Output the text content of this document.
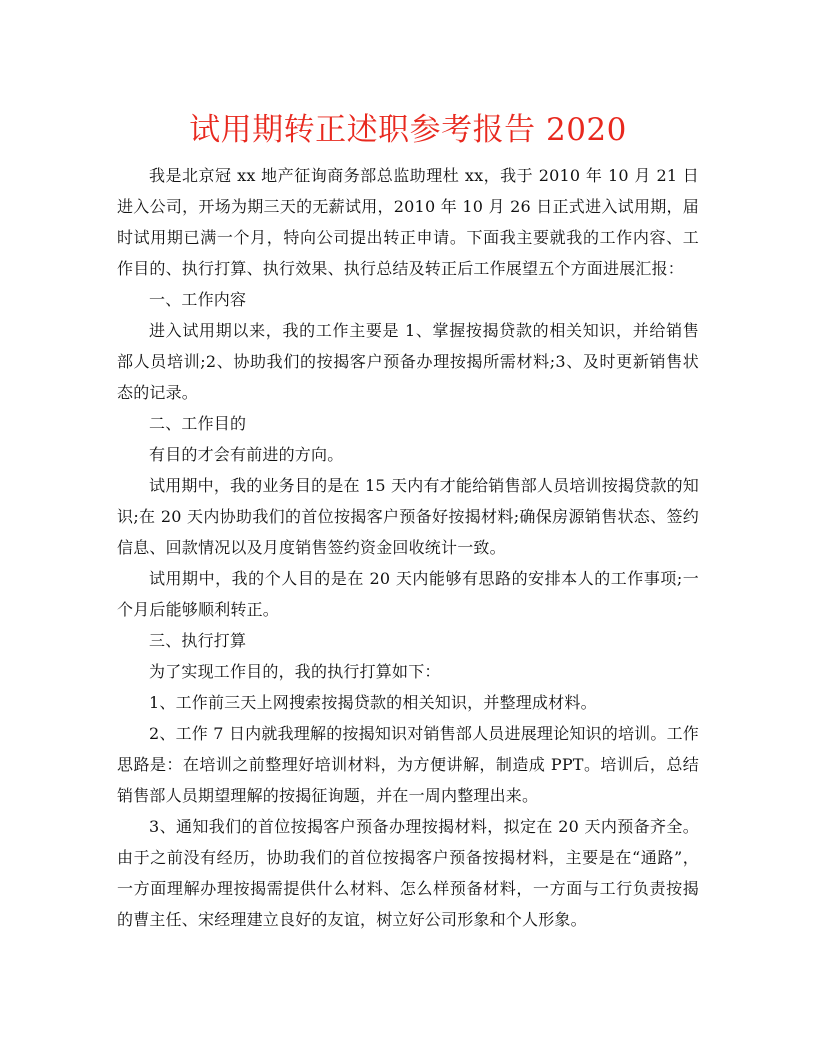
试用期转正述职参考报告 2020

我是北京冠 xx 地产征询商务部总监助理杜 xx，我于 2010 年 10 月 21 日进入公司，开场为期三天的无薪试用，2010 年 10 月 26 日正式进入试用期，届时试用期已满一个月，特向公司提出转正申请。下面我主要就我的工作内容、工作目的、执行打算、执行效果、执行总结及转正后工作展望五个方面进展汇报：

一、工作内容

进入试用期以来，我的工作主要是 1、掌握按揭贷款的相关知识，并给销售部人员培训;2、协助我们的按揭客户预备办理按揭所需材料;3、及时更新销售状态的记录。

二、工作目的

有目的才会有前进的方向。

试用期中，我的业务目的是在 15 天内有才能给销售部人员培训按揭贷款的知识;在 20 天内协助我们的首位按揭客户预备好按揭材料;确保房源销售状态、签约信息、回款情况以及月度销售签约资金回收统计一致。

试用期中，我的个人目的是在 20 天内能够有思路的安排本人的工作事项;一个月后能够顺利转正。

三、执行打算

为了实现工作目的，我的执行打算如下：

1、工作前三天上网搜索按揭贷款的相关知识，并整理成材料。

2、工作 7 日内就我理解的按揭知识对销售部人员进展理论知识的培训。工作思路是：在培训之前整理好培训材料，为方便讲解，制造成 PPT。培训后，总结销售部人员期望理解的按揭征询题，并在一周内整理出来。

3、通知我们的首位按揭客户预备办理按揭材料，拟定在 20 天内预备齐全。由于之前没有经历，协助我们的首位按揭客户预备按揭材料，主要是在“通路”，一方面理解办理按揭需提供什么材料、怎么样预备材料，一方面与工行负责按揭的曹主任、宋经理建立良好的友谊，树立好公司形象和个人形象。
